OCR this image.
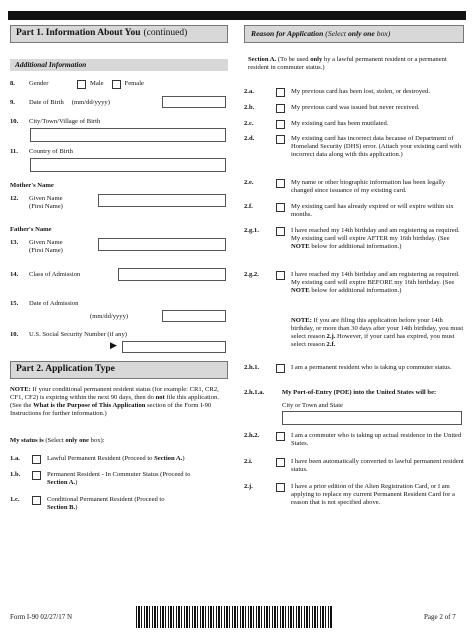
Part 1. Information About You (continued)
Additional Information
8.	Gender	Male	Female
9.	Date of Birth (mm/dd/yyyy)
10.	City/Town/Village of Birth
11.	Country of Birth
Mother's Name
12.	Given Name
(First Name)
Father's Name
13.	Given Name
(First Name)
14.	Class of Admission
15.	Date of Admission
(mm/dd/yyyy)
10.	U.S. Social Security Number (if any)
▶
Part 2. Application Type
NOTE: If your conditional permanent resident status (for example: CR1, CR2, CF1, CF2) is expiring within the next 90 days, then do not file this application. (See the What is the Purpose of This Application section of the Form I-90 Instructions for further information.)
My status is (Select only one box):
1.a.	Lawful Permanent Resident (Proceed to Section A.)
1.b.	Permanent Resident - In Commuter Status (Proceed to Section A.)
1.c.	Conditional Permanent Resident (Proceed to Section B.)
Reason for Application (Select only one box)
Section A. (To be used only by a lawful permanent resident or a permanent resident in commuter status.)
2.a.	My previous card has been lost, stolen, or destroyed.
2.b.	My previous card was issued but never received.
2.c.	My existing card has been mutilated.
2.d.	My existing card has incorrect data because of Department of Homeland Security (DHS) error. (Attach your existing card with incorrect data along with this application.)
2.e.	My name or other biographic information has been legally changed since issuance of my existing card.
2.f.	My existing card has already expired or will expire within six months.
2.g.1.	I have reached my 14th birthday and am registering as required. My existing card will expire AFTER my 16th birthday. (See NOTE below for additional information.)
2.g.2.	I have reached my 14th birthday and am registering as required. My existing card will expire BEFORE my 16th birthday. (See NOTE below for additional information.)
NOTE: If you are filing this application before your 14th birthday, or more than 30 days after your 14th birthday, you must select reason 2.j. However, if your card has expired, you must select reason 2.f.
2.h.1.	I am a permanent resident who is taking up commuter status.
2.h.1.a.	My Port-of-Entry (POE) into the United States will be:
City or Town and State
2.h.2.	I am a commuter who is taking up actual residence in the United States.
2.i.	I have been automatically converted to lawful permanent resident status.
2.j.	I have a prior edition of the Alien Registration Card, or I am applying to replace my current Permanent Resident Card for a reason that is not specified above.
Form I-90 02/27/17 N	Page 2 of 7
